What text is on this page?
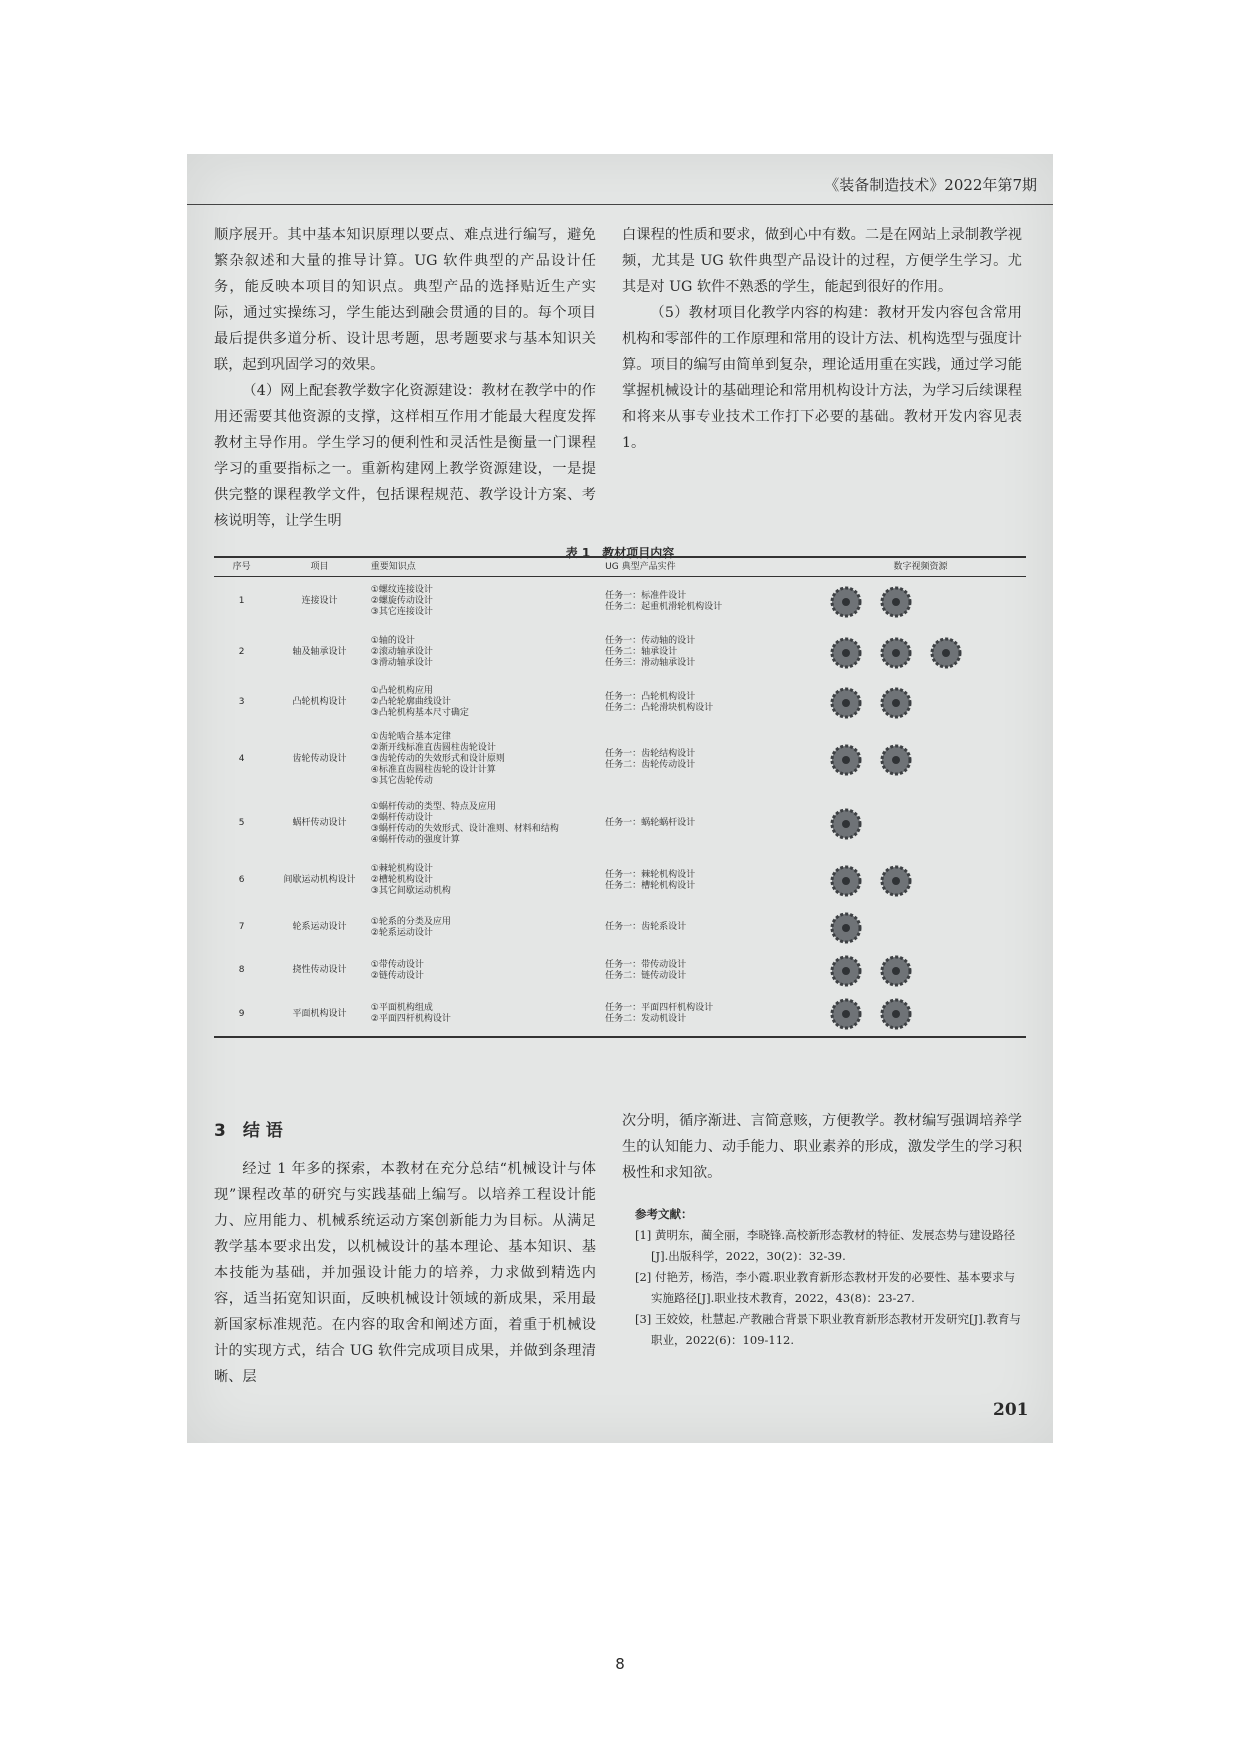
《装备制造技术》2022年第7期

顺序展开。其中基本知识原理以要点、难点进行编写，避免繁杂叙述和大量的推导计算。UG 软件典型的产品设计任务，能反映本项目的知识点。典型产品的选择贴近生产实际，通过实操练习，学生能达到融会贯通的目的。每个项目最后提供多道分析、设计思考题，思考题要求与基本知识关联，起到巩固学习的效果。

（4）网上配套教学数字化资源建设：教材在教学中的作用还需要其他资源的支撑，这样相互作用才能最大程度发挥教材主导作用。学生学习的便利性和灵活性是衡量一门课程学习的重要指标之一。重新构建网上教学资源建设，一是提供完整的课程教学文件，包括课程规范、教学设计方案、考核说明等，让学生明

白课程的性质和要求，做到心中有数。二是在网站上录制教学视频，尤其是 UG 软件典型产品设计的过程，方便学生学习。尤其是对 UG 软件不熟悉的学生，能起到很好的作用。

（5）教材项目化教学内容的构建：教材开发内容包含常用机构和零部件的工作原理和常用的设计方法、机构选型与强度计算。项目的编写由简单到复杂，理论适用重在实践，通过学习能掌握机械设计的基础理论和常用机构设计方法，为学习后续课程和将来从事专业技术工作打下必要的基础。教材开发内容见表 1。

表 1　教材项目内容
序号	项目	重要知识点	UG 典型产品实件	数字视频资源
1	连接设计	①螺纹连接设计
②螺旋传动设计
③其它连接设计	任务一：标准件设计
任务二：起重机滑轮机构设计	

2	轴及轴承设计	①轴的设计
②滚动轴承设计
③滑动轴承设计	任务一：传动轴的设计
任务二：轴承设计
任务三：滑动轴承设计	

3	凸轮机构设计	①凸轮机构应用
②凸轮轮廓曲线设计
③凸轮机构基本尺寸确定	任务一：凸轮机构设计
任务二：凸轮滑块机构设计	

4	齿轮传动设计	①齿轮啮合基本定律
②渐开线标准直齿圆柱齿轮设计
③齿轮传动的失效形式和设计原则
④标准直齿圆柱齿轮的设计计算
⑤其它齿轮传动	任务一：齿轮结构设计
任务二：齿轮传动设计	

5	蜗杆传动设计	①蜗杆传动的类型、特点及应用
②蜗杆传动设计
③蜗杆传动的失效形式、设计准则、材料和结构
④蜗杆传动的强度计算	任务一：蜗轮蜗杆设计	

6	间歇运动机构设计	①棘轮机构设计
②槽轮机构设计
③其它间歇运动机构	任务一：棘轮机构设计
任务二：槽轮机构设计	

7	轮系运动设计	①轮系的分类及应用
②轮系运动设计	任务一：齿轮系设计	

8	挠性传动设计	①带传动设计
②链传动设计	任务一：带传动设计
任务二：链传动设计	

9	平面机构设计	①平面机构组成
②平面四杆机构设计	任务一：平面四杆机构设计
任务二：发动机设计	
3　结 语

经过 1 年多的探索，本教材在充分总结“机械设计与体现”课程改革的研究与实践基础上编写。以培养工程设计能力、应用能力、机械系统运动方案创新能力为目标。从满足教学基本要求出发，以机械设计的基本理论、基本知识、基本技能为基础，并加强设计能力的培养，力求做到精选内容，适当拓宽知识面，反映机械设计领域的新成果，采用最新国家标准规范。在内容的取舍和阐述方面，着重于机械设计的实现方式，结合 UG 软件完成项目成果，并做到条理清晰、层

次分明，循序渐进、言简意赅，方便教学。教材编写强调培养学生的认知能力、动手能力、职业素养的形成，激发学生的学习积极性和求知欲。

参考文献：

[1] 黄明东，蔺全丽，李晓锋.高校新形态教材的特征、发展态势与建设路径[J].出版科学，2022，30(2)：32-39.

[2] 付艳芳，杨浩，李小霞.职业教育新形态教材开发的必要性、基本要求与实施路径[J].职业技术教育，2022，43(8)：23-27.

[3] 王姣姣，杜慧起.产教融合背景下职业教育新形态教材开发研究[J].教育与职业，2022(6)：109-112.

201
8
